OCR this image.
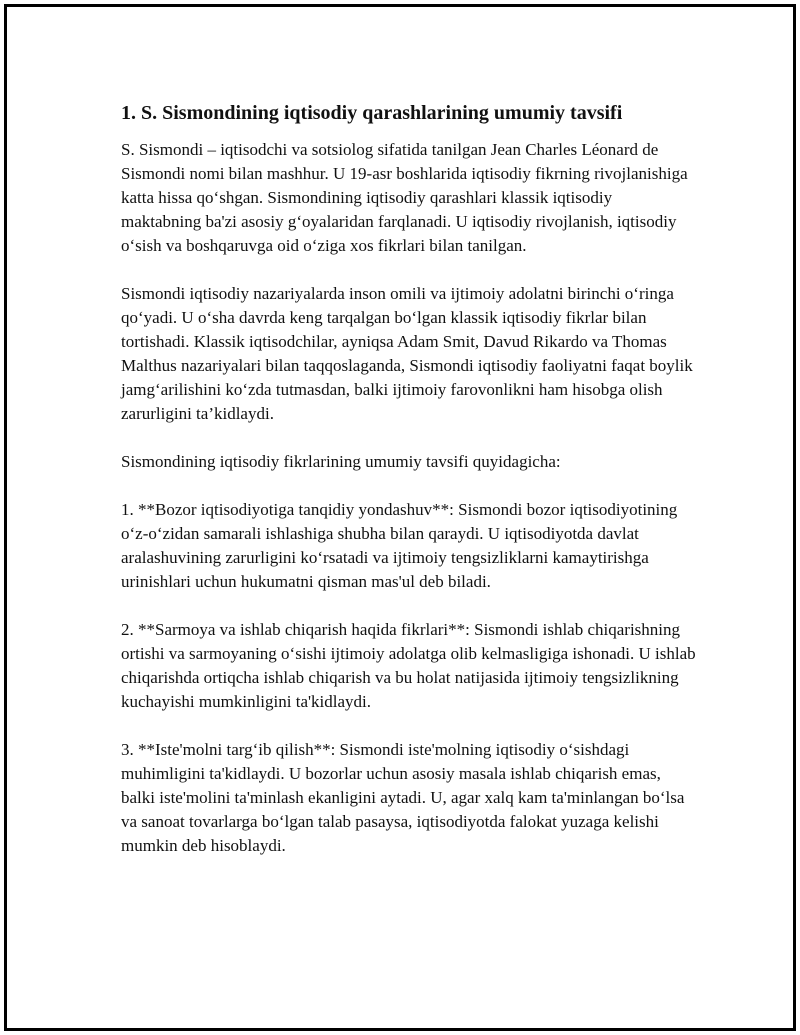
1. S. Sismondining iqtisodiy qarashlarining umumiy tavsifi

S. Sismondi – iqtisodchi va sotsiolog sifatida tanilgan Jean Charles Léonard de Sismondi nomi bilan mashhur. U 19-asr boshlarida iqtisodiy fikrning rivojlanishiga katta hissa qo‘shgan. Sismondining iqtisodiy qarashlari klassik iqtisodiy maktabning ba'zi asosiy g‘oyalaridan farqlanadi. U iqtisodiy rivojlanish, iqtisodiy o‘sish va boshqaruvga oid o‘ziga xos fikrlari bilan tanilgan.

Sismondi iqtisodiy nazariyalarda inson omili va ijtimoiy adolatni birinchi o‘ringa qo‘yadi. U o‘sha davrda keng tarqalgan bo‘lgan klassik iqtisodiy fikrlar bilan tortishadi. Klassik iqtisodchilar, ayniqsa Adam Smit, Davud Rikardo va Thomas Malthus nazariyalari bilan taqqoslaganda, Sismondi iqtisodiy faoliyatni faqat boylik jamg‘arilishini ko‘zda tutmasdan, balki ijtimoiy farovonlikni ham hisobga olish zarurligini ta’kidlaydi.

Sismondining iqtisodiy fikrlarining umumiy tavsifi quyidagicha:

1. **Bozor iqtisodiyotiga tanqidiy yondashuv**: Sismondi bozor iqtisodiyotining o‘z-o‘zidan samarali ishlashiga shubha bilan qaraydi. U iqtisodiyotda davlat aralashuvining zarurligini ko‘rsatadi va ijtimoiy tengsizliklarni kamaytirishga urinishlari uchun hukumatni qisman mas'ul deb biladi.

2. **Sarmoya va ishlab chiqarish haqida fikrlari**: Sismondi ishlab chiqarishning ortishi va sarmoyaning o‘sishi ijtimoiy adolatga olib kelmasligiga ishonadi. U ishlab chiqarishda ortiqcha ishlab chiqarish va bu holat natijasida ijtimoiy tengsizlikning kuchayishi mumkinligini ta'kidlaydi.

3. **Iste'molni targ‘ib qilish**: Sismondi iste'molning iqtisodiy o‘sishdagi muhimligini ta'kidlaydi. U bozorlar uchun asosiy masala ishlab chiqarish emas, balki iste'molini ta'minlash ekanligini aytadi. U, agar xalq kam ta'minlangan bo‘lsa va sanoat tovarlarga bo‘lgan talab pasaysa, iqtisodiyotda falokat yuzaga kelishi mumkin deb hisoblaydi.
